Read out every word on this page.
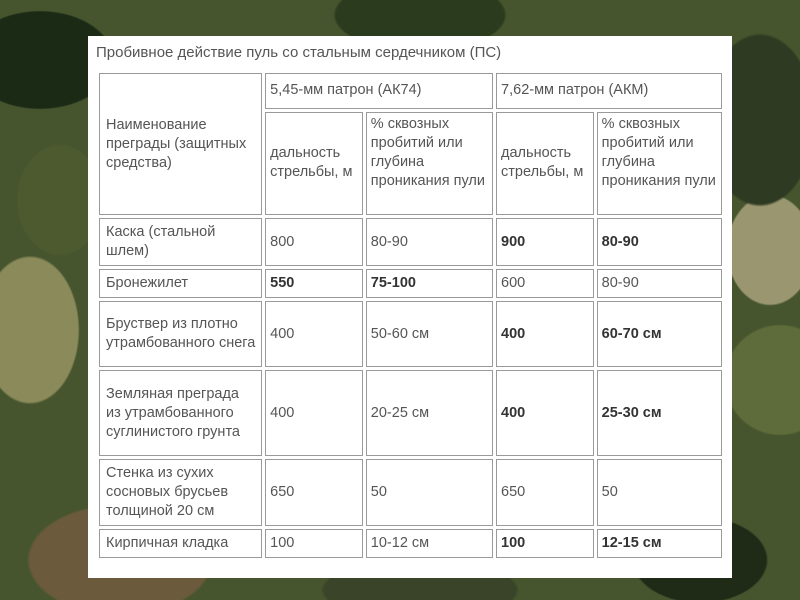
Пробивное действие пуль со стальным сердечником (ПС)
Наименование преграды (защитных средства)	5,45-мм патрон (АК74)		7,62-мм патрон (АКМ)	
	дальность стрельбы, м	% сквозных пробитий или глубина проникания пули	дальность стрельбы, м	% сквозных пробитий или глубина проникания пули
Каска (стальной шлем)	800	80-90	900	80-90
Бронежилет	550	75-100	600	80-90
Бруствер из плотно утрамбованного снега	400	50-60 см	400	60-70 см
Земляная преграда из утрамбованного суглинистого грунта	400	20-25 см	400	25-30 см
Стенка из сухих сосновых брусьев толщиной 20 см	650	50	650	50
Кирпичная кладка	100	10-12 см	100	12-15 см
